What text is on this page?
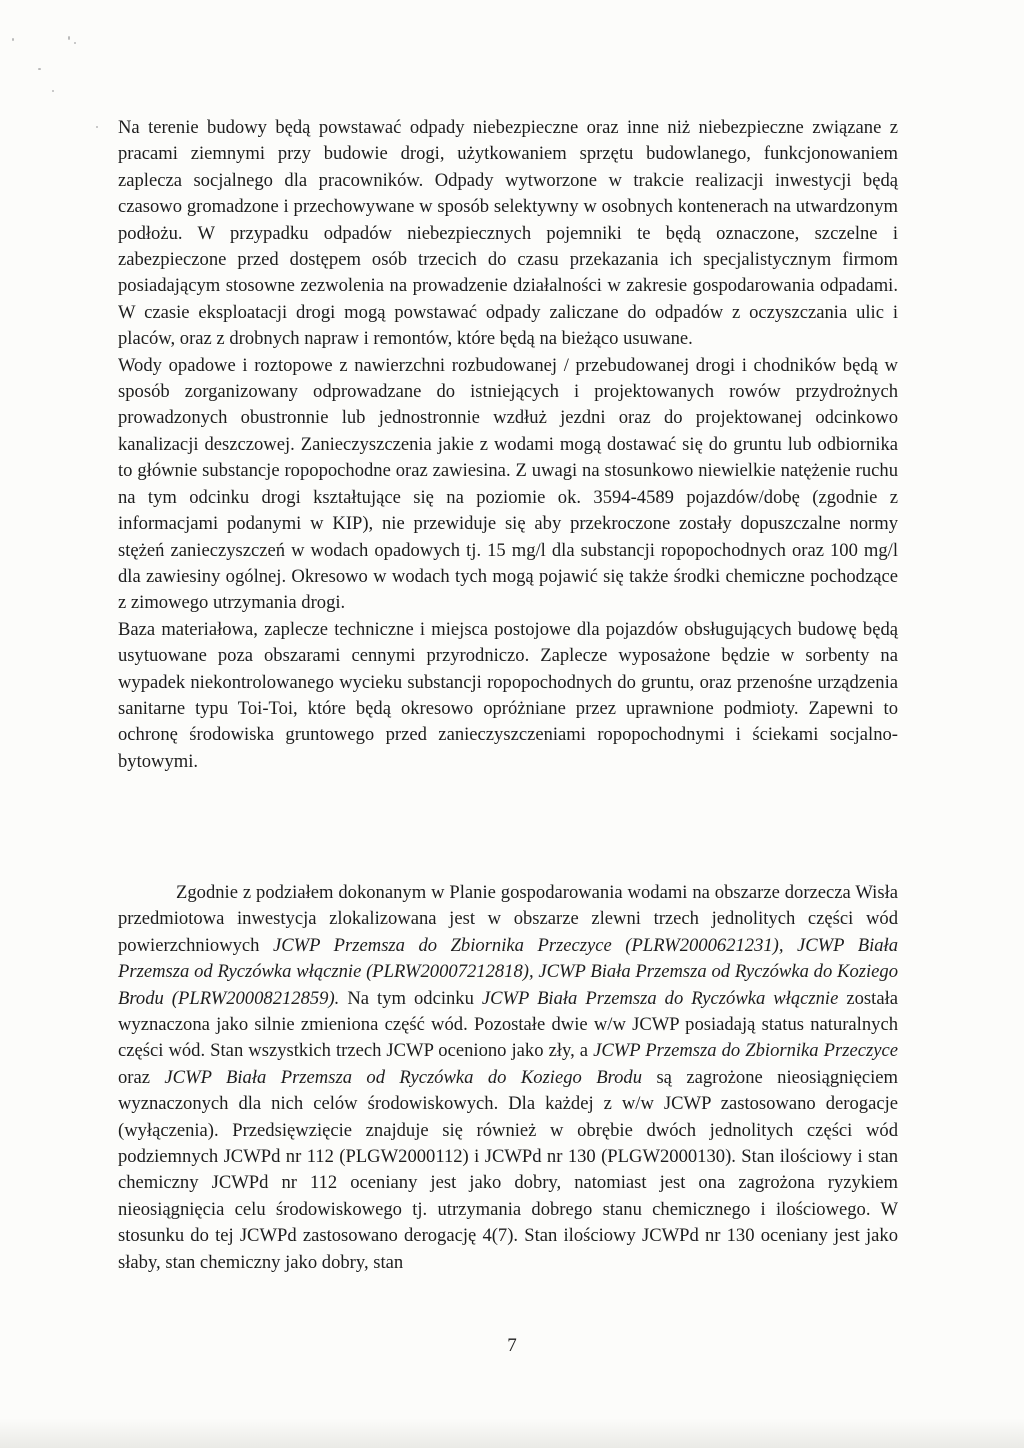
Na terenie budowy będą powstawać odpady niebezpieczne oraz inne niż niebezpieczne związane z pracami ziemnymi przy budowie drogi, użytkowaniem sprzętu budowlanego, funkcjonowaniem zaplecza socjalnego dla pracowników. Odpady wytworzone w trakcie realizacji inwestycji będą czasowo gromadzone i przechowywane w sposób selektywny w osobnych kontenerach na utwardzonym podłożu. W przypadku odpadów niebezpiecznych pojemniki te będą oznaczone, szczelne i zabezpieczone przed dostępem osób trzecich do czasu przekazania ich specjalistycznym firmom posiadającym stosowne zezwolenia na prowadzenie działalności w zakresie gospodarowania odpadami. W czasie eksploatacji drogi mogą powstawać odpady zaliczane do odpadów z oczyszczania ulic i placów, oraz z drobnych napraw i remontów, które będą na bieżąco usuwane.

Wody opadowe i roztopowe z nawierzchni rozbudowanej / przebudowanej drogi i chodników będą w sposób zorganizowany odprowadzane do istniejących i projektowanych rowów przydrożnych prowadzonych obustronnie lub jednostronnie wzdłuż jezdni oraz do projektowanej odcinkowo kanalizacji deszczowej. Zanieczyszczenia jakie z wodami mogą dostawać się do gruntu lub odbiornika to głównie substancje ropopochodne oraz zawiesina. Z uwagi na stosunkowo niewielkie natężenie ruchu na tym odcinku drogi kształtujące się na poziomie ok. 3594-4589 pojazdów/dobę (zgodnie z informacjami podanymi w KIP), nie przewiduje się aby przekroczone zostały dopuszczalne normy stężeń zanieczyszczeń w wodach opadowych tj. 15 mg/l dla substancji ropopochodnych oraz 100 mg/l dla zawiesiny ogólnej. Okresowo w wodach tych mogą pojawić się także środki chemiczne pochodzące z zimowego utrzymania drogi.

Baza materiałowa, zaplecze techniczne i miejsca postojowe dla pojazdów obsługujących budowę będą usytuowane poza obszarami cennymi przyrodniczo. Zaplecze wyposażone będzie w sorbenty na wypadek niekontrolowanego wycieku substancji ropopochodnych do gruntu, oraz przenośne urządzenia sanitarne typu Toi-Toi, które będą okresowo opróżniane przez uprawnione podmioty. Zapewni to ochronę środowiska gruntowego przed zanieczyszczeniami ropopochodnymi i ściekami socjalno-bytowymi.

Zgodnie z podziałem dokonanym w Planie gospodarowania wodami na obszarze dorzecza Wisła przedmiotowa inwestycja zlokalizowana jest w obszarze zlewni trzech jednolitych części wód powierzchniowych JCWP Przemsza do Zbiornika Przeczyce (PLRW2000621231), JCWP Biała Przemsza od Ryczówka włącznie (PLRW20007212818), JCWP Biała Przemsza od Ryczówka do Koziego Brodu (PLRW20008212859). Na tym odcinku JCWP Biała Przemsza do Ryczówka włącznie została wyznaczona jako silnie zmieniona część wód. Pozostałe dwie w/w JCWP posiadają status naturalnych części wód. Stan wszystkich trzech JCWP oceniono jako zły, a JCWP Przemsza do Zbiornika Przeczyce oraz JCWP Biała Przemsza od Ryczówka do Koziego Brodu są zagrożone nieosiągnięciem wyznaczonych dla nich celów środowiskowych. Dla każdej z w/w JCWP zastosowano derogacje (wyłączenia). Przedsięwzięcie znajduje się również w obrębie dwóch jednolitych części wód podziemnych JCWPd nr 112 (PLGW2000112) i JCWPd nr 130 (PLGW2000130). Stan ilościowy i stan chemiczny JCWPd nr 112 oceniany jest jako dobry, natomiast jest ona zagrożona ryzykiem nieosiągnięcia celu środowiskowego tj. utrzymania dobrego stanu chemicznego i ilościowego. W stosunku do tej JCWPd zastosowano derogację 4(7). Stan ilościowy JCWPd nr 130 oceniany jest jako słaby, stan chemiczny jako dobry, stan

7
